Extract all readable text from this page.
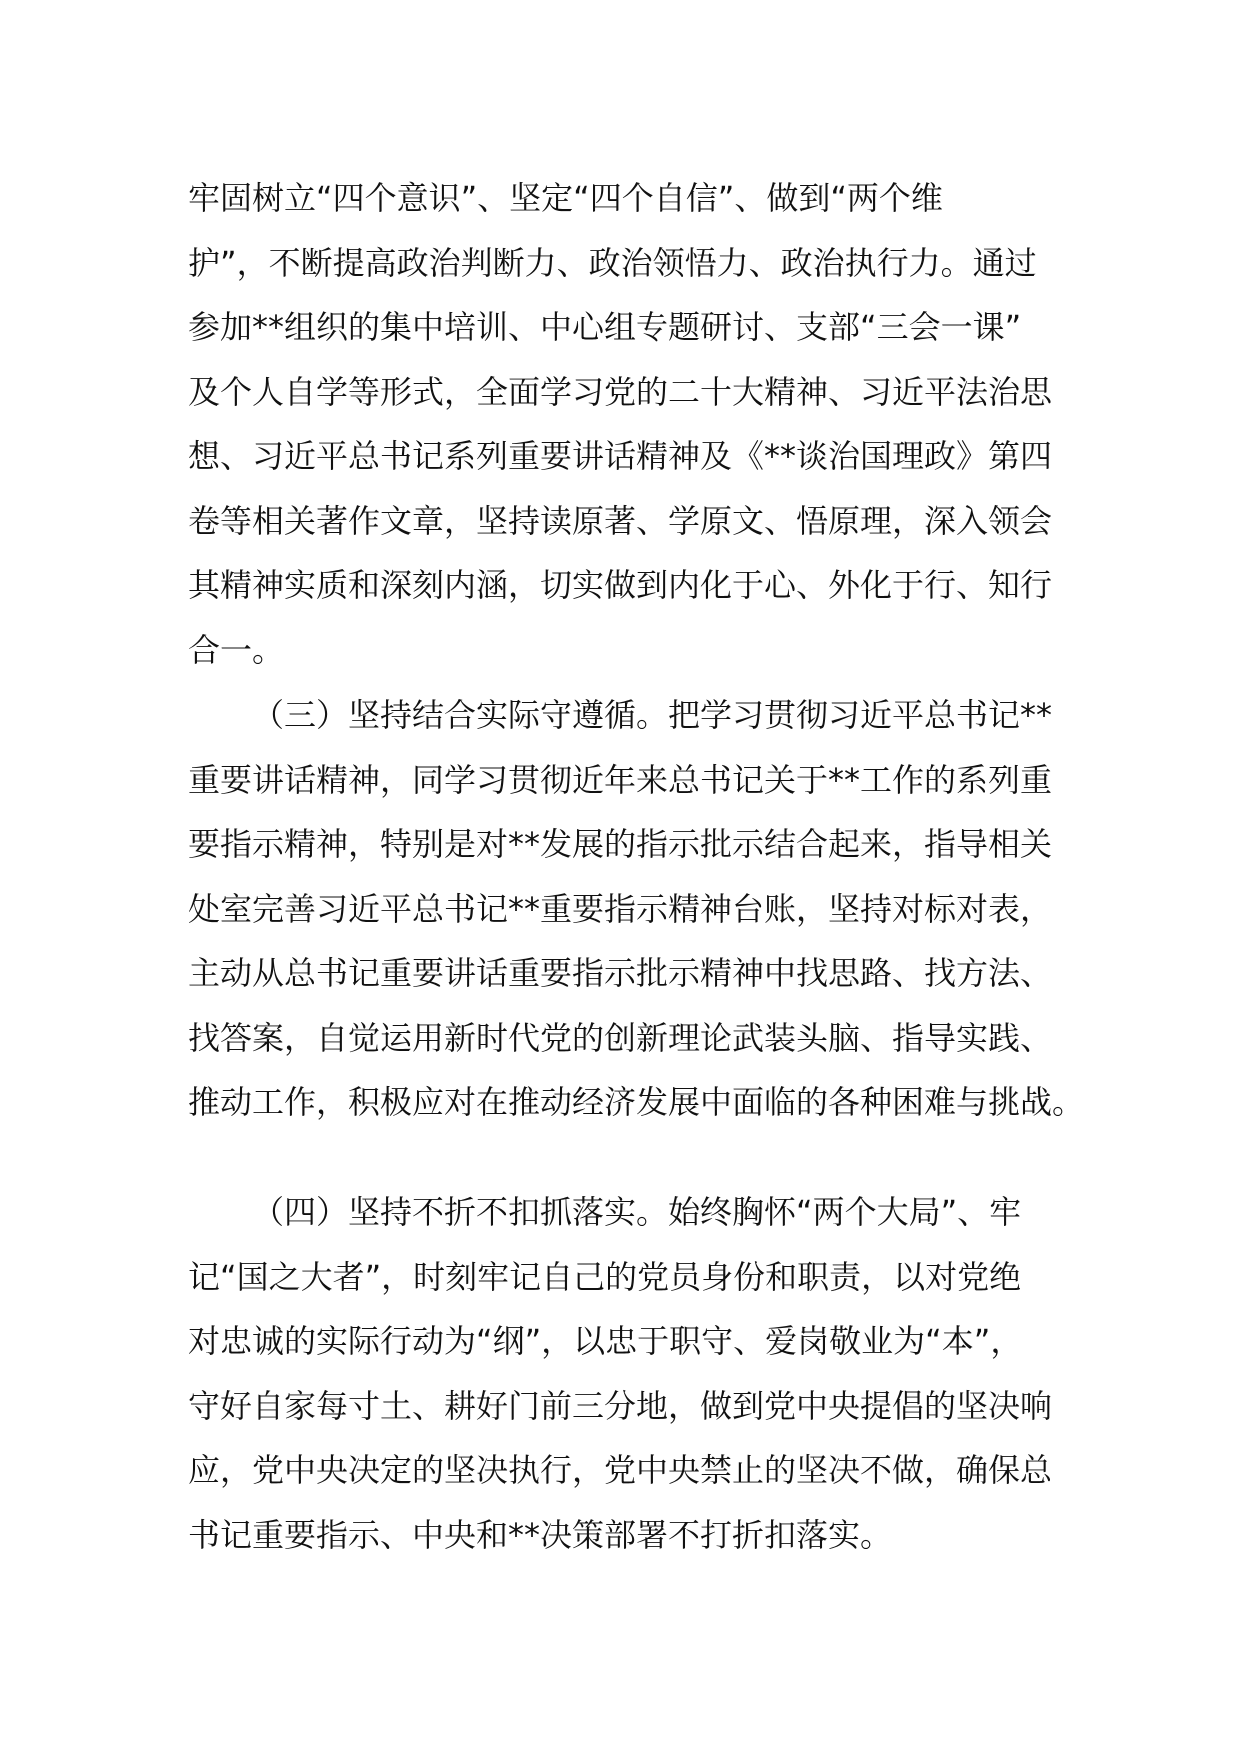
牢固树立“四个意识”、坚定“四个自信”、做到“两个维
护”，不断提高政治判断力、政治领悟力、政治执行力。通过
参加**组织的集中培训、中心组专题研讨、支部“三会一课”
及个人自学等形式，全面学习党的二十大精神、习近平法治思
想、习近平总书记系列重要讲话精神及《**谈治国理政》第四
卷等相关著作文章，坚持读原著、学原文、悟原理，深入领会
其精神实质和深刻内涵，切实做到内化于心、外化于行、知行
合一。
（三）坚持结合实际守遵循。把学习贯彻习近平总书记**
重要讲话精神，同学习贯彻近年来总书记关于**工作的系列重
要指示精神，特别是对**发展的指示批示结合起来，指导相关
处室完善习近平总书记**重要指示精神台账，坚持对标对表，
主动从总书记重要讲话重要指示批示精神中找思路、找方法、
找答案，自觉运用新时代党的创新理论武装头脑、指导实践、
推动工作，积极应对在推动经济发展中面临的各种困难与挑战。
（四）坚持不折不扣抓落实。始终胸怀“两个大局”、牢
记“国之大者”，时刻牢记自己的党员身份和职责，以对党绝
对忠诚的实际行动为“纲”，以忠于职守、爱岗敬业为“本”，
守好自家每寸土、耕好门前三分地，做到党中央提倡的坚决响
应，党中央决定的坚决执行，党中央禁止的坚决不做，确保总
书记重要指示、中央和**决策部署不打折扣落实。
